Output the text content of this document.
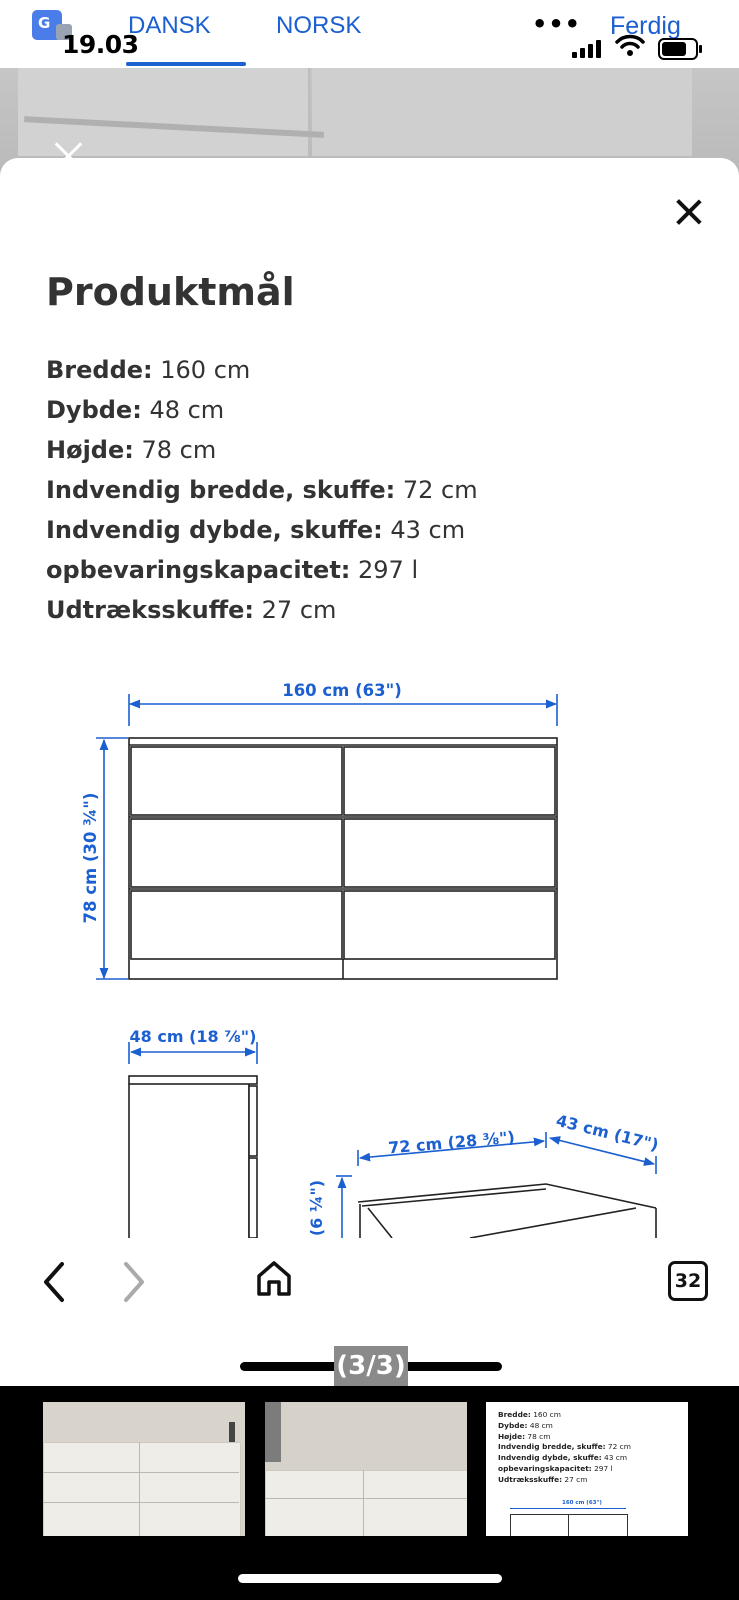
G
19.03
DANSK	NORSK	••• Ferdig
Produktmål
Bredde: 160 cm
Dybde: 48 cm
Højde: 78 cm
Indvendig bredde, skuffe: 72 cm
Indvendig dybde, skuffe: 43 cm
opbevaringskapacitet: 297 l
Udtræksskuffe: 27 cm
160 cm (63")
78 cm (30 ¾")
48 cm (18 ⅞")
72 cm (28 ⅜") 43 cm (17")
(6 ¼")
32
(3/3)
Bredde: 160 cm
Dybde: 48 cm
Højde: 78 cm
Indvendig bredde, skuffe: 72 cm
Indvendig dybde, skuffe: 43 cm
opbevaringskapacitet: 297 l
Udtræksskuffe: 27 cm
160 cm (63")
